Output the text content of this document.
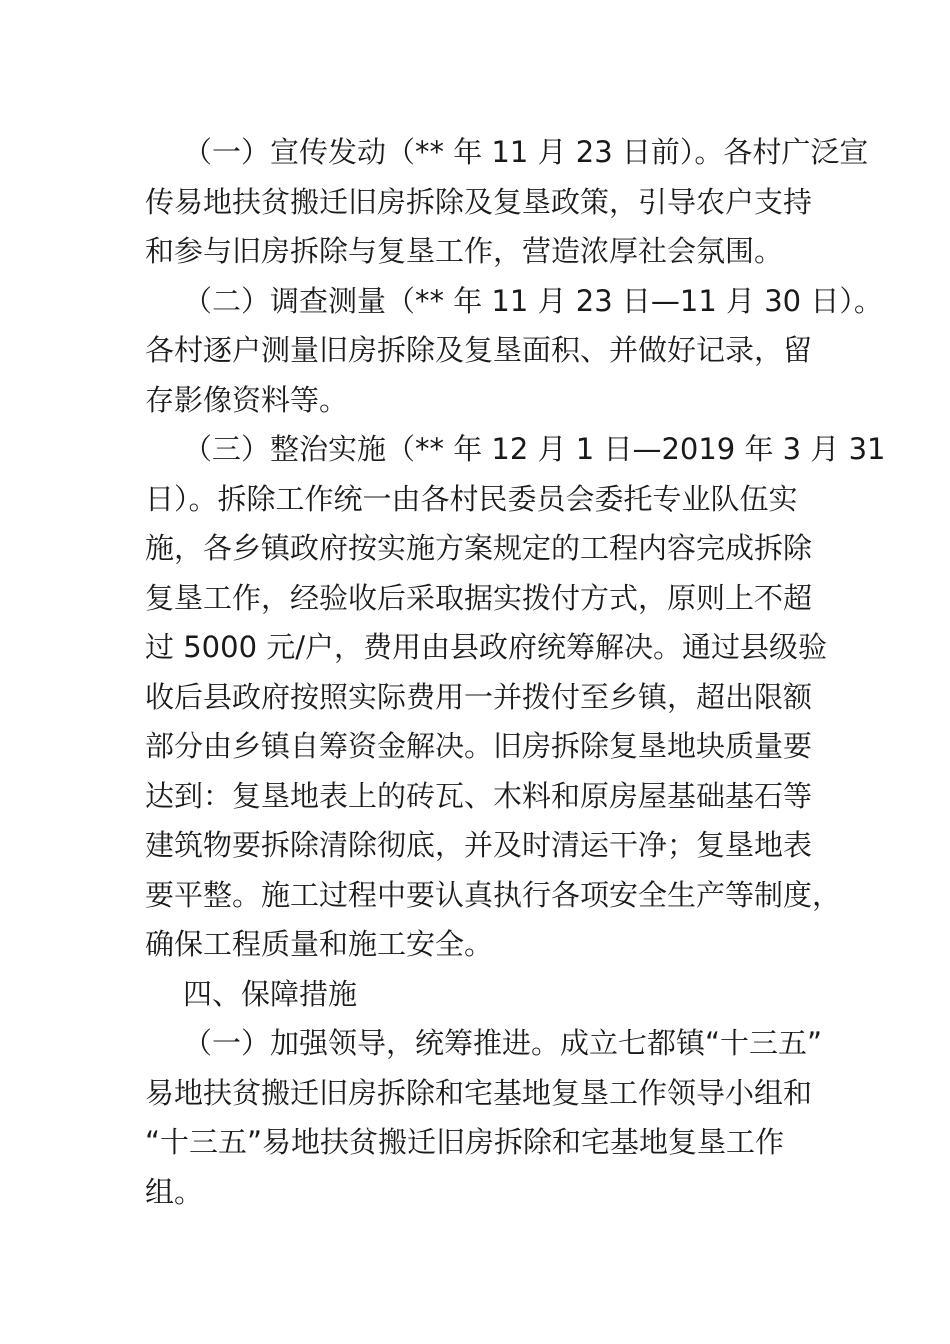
（一）宣传发动（** 年 11 月 23 日前）。各村广泛宣
传易地扶贫搬迁旧房拆除及复垦政策，引导农户支持
和参与旧房拆除与复垦工作，营造浓厚社会氛围。
（二）调查测量（** 年 11 月 23 日—11 月 30 日）。
各村逐户测量旧房拆除及复垦面积、并做好记录，留
存影像资料等。
（三）整治实施（** 年 12 月 1 日—2019 年 3 月 31
日）。拆除工作统一由各村民委员会委托专业队伍实
施，各乡镇政府按实施方案规定的工程内容完成拆除
复垦工作，经验收后采取据实拨付方式，原则上不超
过 5000 元/户，费用由县政府统筹解决。通过县级验
收后县政府按照实际费用一并拨付至乡镇，超出限额
部分由乡镇自筹资金解决。旧房拆除复垦地块质量要
达到：复垦地表上的砖瓦、木料和原房屋基础基石等
建筑物要拆除清除彻底，并及时清运干净；复垦地表
要平整。施工过程中要认真执行各项安全生产等制度，
确保工程质量和施工安全。
四、保障措施
（一）加强领导，统筹推进。成立七都镇“十三五”
易地扶贫搬迁旧房拆除和宅基地复垦工作领导小组和
“十三五”易地扶贫搬迁旧房拆除和宅基地复垦工作
组。
